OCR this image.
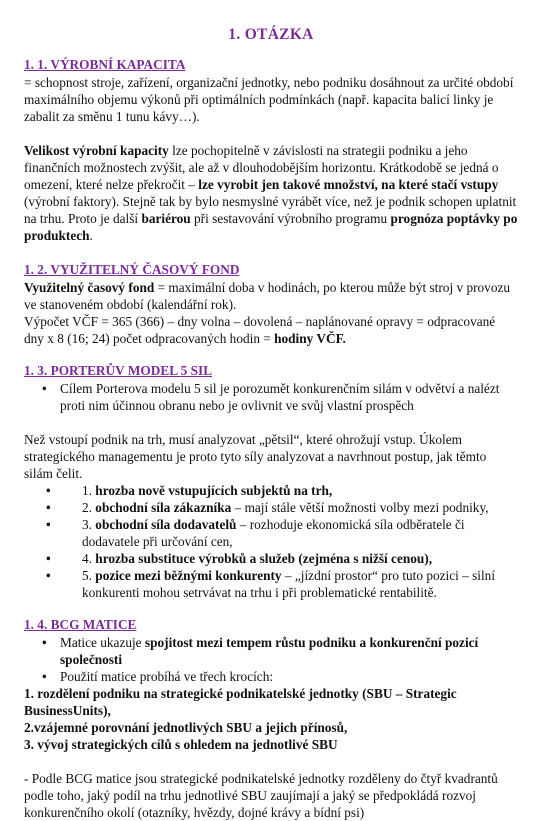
1. OTÁZKA
1. 1. VÝROBNÍ KAPACITA

= schopnost stroje, zařízení, organizační jednotky, nebo podniku dosáhnout za určité období maximálního objemu výkonů při optimálních podmínkách (např. kapacita balicí linky je zabalit za směnu 1 tunu kávy…).

Velikost výrobní kapacity lze pochopitelně v závislosti na strategii podniku a jeho finančních možnostech zvýšit, ale až v dlouhodobějším horizontu. Krátkodobě se jedná o omezení, které nelze překročit – lze vyrobit jen takové množství, na které stačí vstupy (výrobní faktory). Stejně tak by bylo nesmyslné vyrábět více, než je podnik schopen uplatnit na trhu. Proto je další bariérou při sestavování výrobního programu prognóza poptávky po produktech.

1. 2. VYUŽITELNÝ ČASOVÝ FOND

Využitelný časový fond = maximální doba v hodinách, po kterou může být stroj v provozu ve stanoveném období (kalendářní rok).

Výpočet VČF = 365 (366) – dny volna – dovolená – naplánované opravy = odpracované dny x 8 (16; 24) počet odpracovaných hodin = hodiny VČF.

1. 3. PORTERŮV MODEL 5 SIL
• Cílem Porterova modelu 5 sil je porozumět konkurenčním silám v odvětví a nalézt proti nim účinnou obranu nebo je ovlivnit ve svůj vlastní prospěch

Než vstoupí podnik na trh, musí analyzovat „pětsil“, které ohrožují vstup. Úkolem strategického managementu je proto tyto síly analyzovat a navrhnout postup, jak těmto silám čelit.

• 1. hrozba nově vstupujících subjektů na trh,
• 2. obchodní síla zákazníka – mají stále větší možnosti volby mezi podniky,
• 3. obchodní síla dodavatelů – rozhoduje ekonomická síla odběratele či dodavatele při určování cen,
• 4. hrozba substituce výrobků a služeb (zejména s nižší cenou),
• 5. pozice mezi běžnými konkurenty – „jízdní prostor“ pro tuto pozici – silní konkurenti mohou setrvávat na trhu i při problematické rentabilitě.
1. 4. BCG MATICE
• Matice ukazuje spojitost mezi tempem růstu podniku a konkurenční pozicí společnosti
• Použití matice probíhá ve třech krocích:

1. rozdělení podniku na strategické podnikatelské jednotky (SBU – Strategic BusinessUnits),

2.vzájemné porovnání jednotlivých SBU a jejich přínosů,

3. vývoj strategických cílů s ohledem na jednotlivé SBU

- Podle BCG matice jsou strategické podnikatelské jednotky rozděleny do čtyř kvadrantů podle toho, jaký podíl na trhu jednotlivé SBU zaujímají a jaký se předpokládá rozvoj konkurenčního okolí (otazníky, hvězdy, dojné krávy a bídní psi)
